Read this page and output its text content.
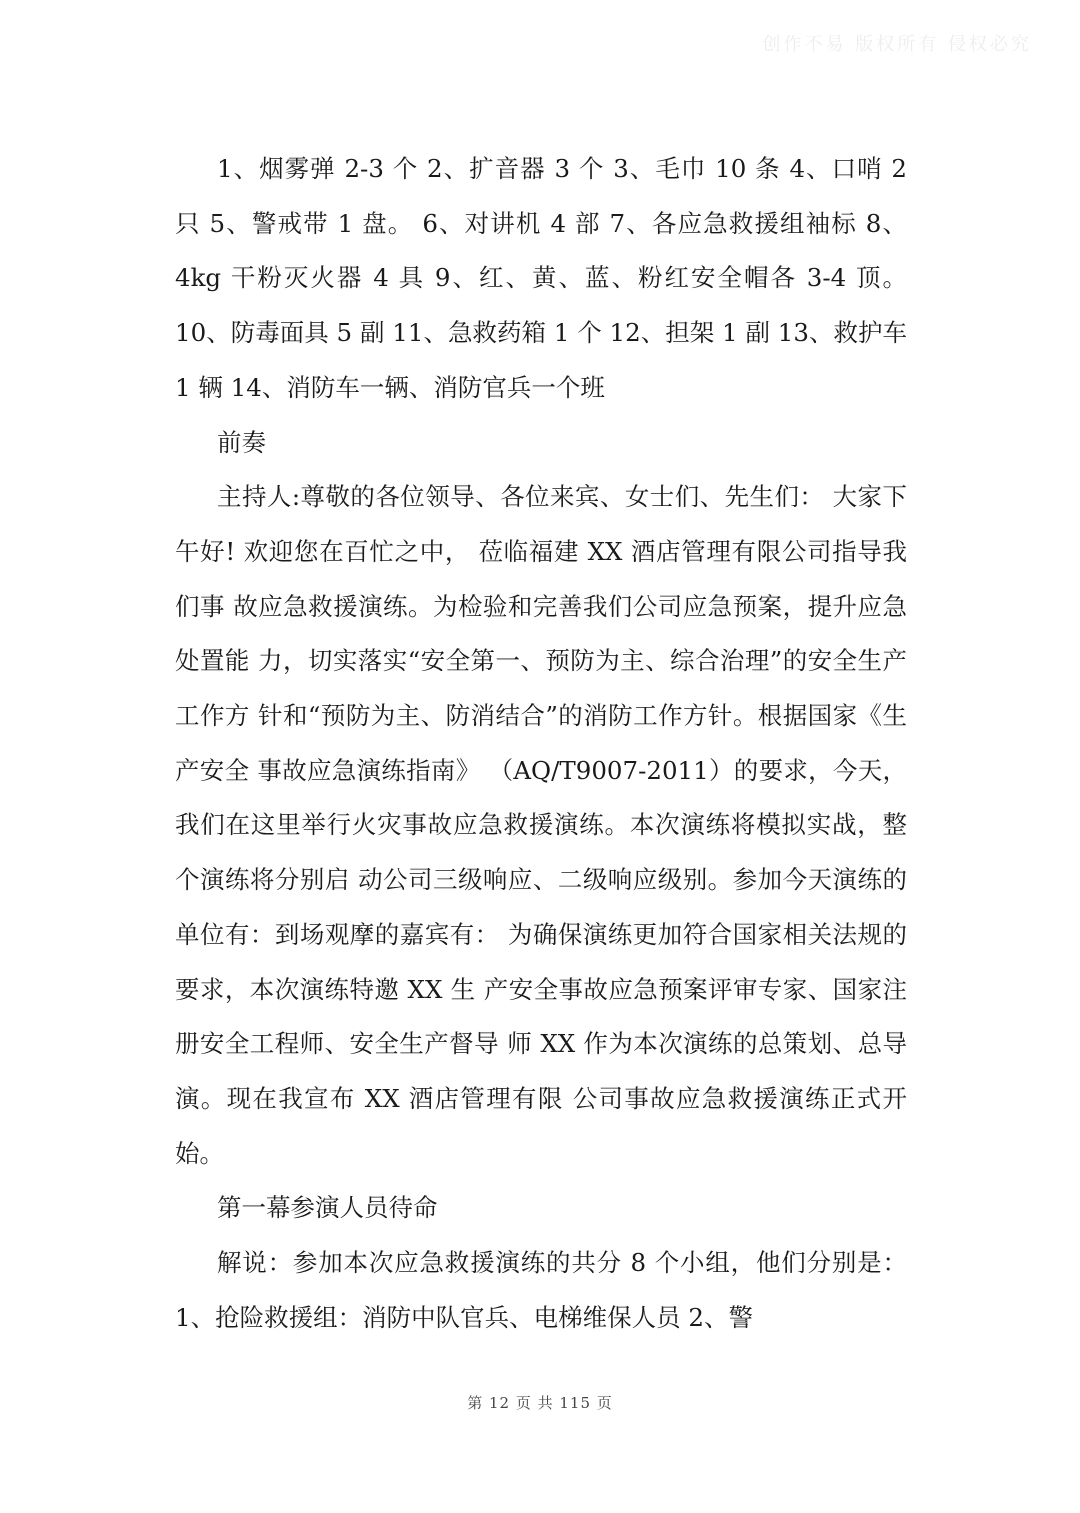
创作不易 版权所有 侵权必究

1、烟雾弹 2-3 个 2、扩音器 3 个 3、毛巾 10 条 4、口哨 2 只 5、警戒带 1 盘。 6、对讲机 4 部 7、各应急救援组袖标 8、4kg 干粉灭火器 4 具 9、红、黄、蓝、粉红安全帽各 3-4 顶。 10、防毒面具 5 副 11、急救药箱 1 个 12、担架 1 副 13、救护车 1 辆 14、消防车一辆、消防官兵一个班

前奏

主持人:尊敬的各位领导、各位来宾、女士们、先生们： 大家下午好! 欢迎您在百忙之中， 莅临福建 XX 酒店管理有限公司指导我们事 故应急救援演练。为检验和完善我们公司应急预案，提升应急处置能 力，切实落实“安全第一、预防为主、综合治理”的安全生产工作方 针和“预防为主、防消结合”的消防工作方针。根据国家《生产安全 事故应急演练指南》 （AQ/T9007-2011）的要求，今天，我们在这里举行火灾事故应急救援演练。本次演练将模拟实战，整个演练将分别启 动公司三级响应、二级响应级别。参加今天演练的单位有：到场观摩的嘉宾有： 为确保演练更加符合国家相关法规的要求，本次演练特邀 XX 生 产安全事故应急预案评审专家、国家注册安全工程师、安全生产督导 师 XX 作为本次演练的总策划、总导演。现在我宣布 XX 酒店管理有限 公司事故应急救援演练正式开始。

第一幕参演人员待命

解说：参加本次应急救援演练的共分 8 个小组，他们分别是： 1、抢险救援组：消防中队官兵、电梯维保人员 2、警

第 12 页 共 115 页
